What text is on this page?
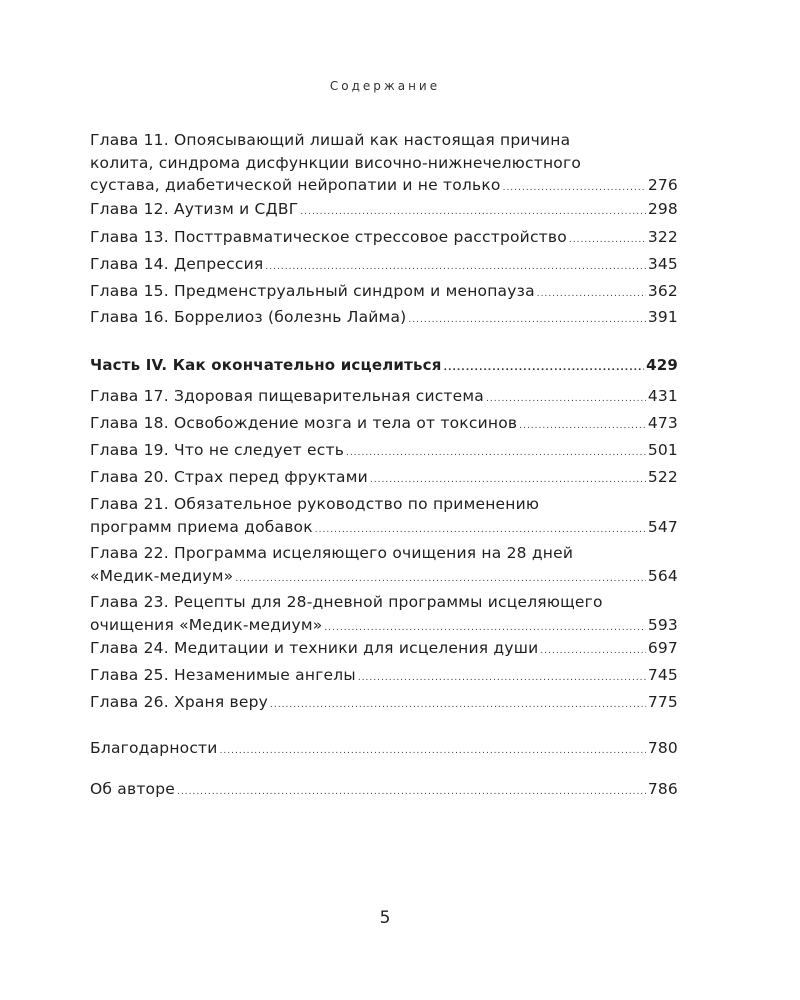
Содержание
Глава 11. Опоясывающий лишай как настоящая причина
колита, синдрома дисфункции височно-нижнечелюстного
сустава, диабетической нейропатии и не только .....	276
Глава 12. Аутизм и СДВГ .....	298
Глава 13. Посттравматическое стрессовое расстройство .....	322
Глава 14. Депрессия .....	345
Глава 15. Предменструальный синдром и менопауза .....	362
Глава 16. Боррелиоз (болезнь Лайма) .....	391
Часть IV. Как окончательно исцелиться .....	429
Глава 17. Здоровая пищеварительная система .....	431
Глава 18. Освобождение мозга и тела от токсинов .....	473
Глава 19. Что не следует есть .....	501
Глава 20. Страх перед фруктами .....	522
Глава 21. Обязательное руководство по применению
программ приема добавок .....	547
Глава 22. Программа исцеляющего очищения на 28 дней
«Медик-медиум» .....	564
Глава 23. Рецепты для 28-дневной программы исцеляющего
очищения «Медик-медиум» .....	593
Глава 24. Медитации и техники для исцеления души .....	697
Глава 25. Незаменимые ангелы .....	745
Глава 26. Храня веру .....	775
Благодарности .....	780
Об авторе .....	786
5
